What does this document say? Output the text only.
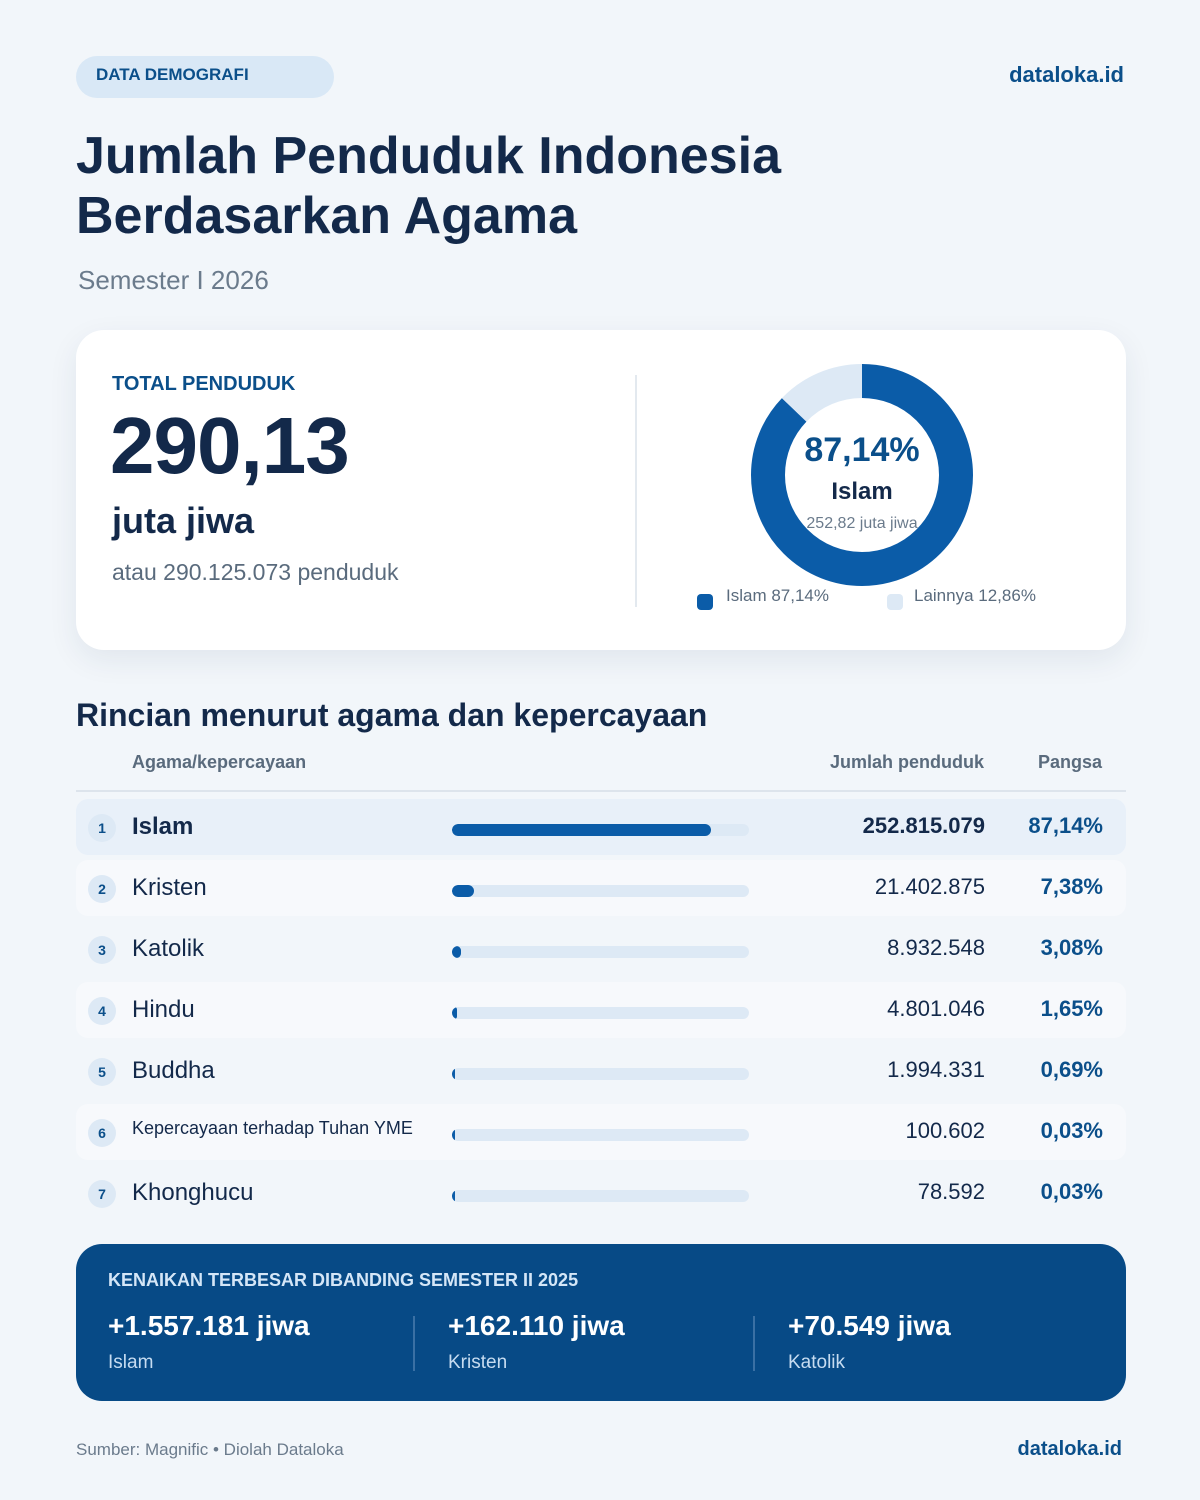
DATA DEMOGRAFI	dataloka.id
Jumlah Penduduk Indonesia
Berdasarkan Agama
Semester I 2026
TOTAL PENDUDUK
290,13
juta jiwa
atau 290.125.073 penduduk
87,14%
Islam
252,82 juta jiwa
Islam 87,14%	Lainnya 12,86%
Rincian menurut agama dan kepercayaan
Agama/kepercayaan	Jumlah penduduk	Pangsa
1	Islam	252.815.079 87,14%
2	Kristen	21.402.875	7,38%
3	Katolik	8.932.548	3,08%
4	Hindu	4.801.046	1,65%
5	Buddha	1.994.331	0,69%
6	Kepercayaan terhadap Tuhan YME	100.602	0,03%
7	Khonghucu	78.592	0,03%
KENAIKAN TERBESAR DIBANDING SEMESTER II 2025
+1.557.181 jiwa
Islam
+162.110 jiwa
Kristen
+70.549 jiwa
Katolik
Sumber: Magnific • Diolah Dataloka	dataloka.id
